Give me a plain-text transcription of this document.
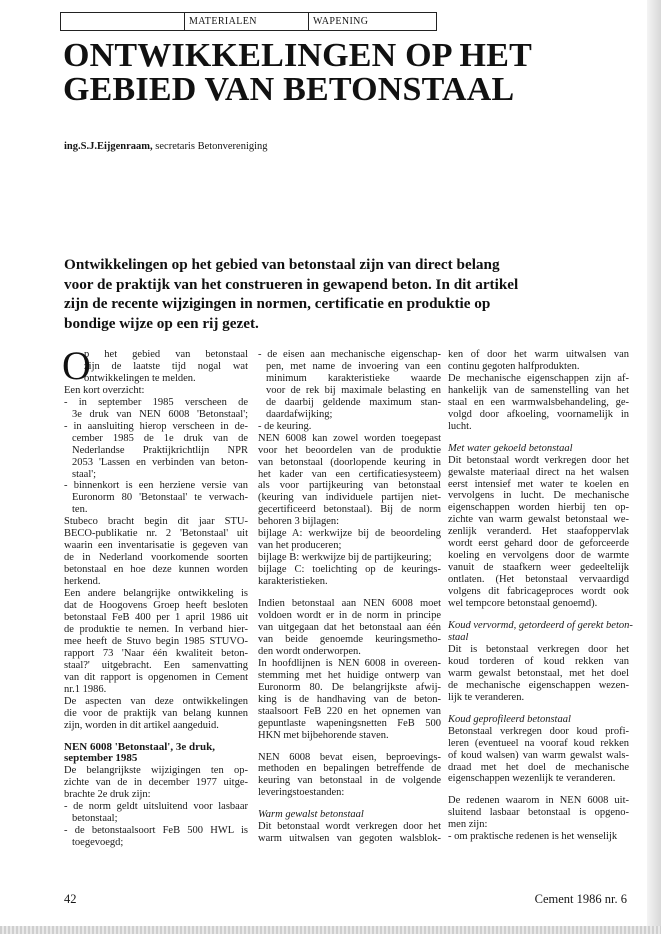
MATERIALEN	WAPENING
ONTWIKKELINGEN OP HET
GEBIED VAN BETONSTAAL
ing.S.J.Eijgenraam, secretaris Betonvereniging

Ontwikkelingen op het gebied van betonstaal zijn van direct belang
voor de praktijk van het construeren in gewapend beton. In dit artikel
zijn de recente wijzigingen in normen, certificatie en produktie op
bondige wijze op een rij gezet.

O
p het gebied van betonstaal
zijn de laatste tijd nogal wat
ontwikkelingen te melden.
Een kort overzicht:
- in september 1985 verscheen de
3e druk van NEN 6008 'Betonstaal';
- in aansluiting hierop verscheen in de-
cember 1985 de 1e druk van de
Nederlandse Praktijkrichtlijn NPR
2053 'Lassen en verbinden van beton-
staal';
- binnenkort is een herziene versie van
Euronorm 80 'Betonstaal' te verwach-
ten.
Stubeco bracht begin dit jaar STU-
BECO-publikatie nr. 2 'Betonstaal' uit
waarin een inventarisatie is gegeven van
de in Nederland voorkomende soorten
betonstaal en hoe deze kunnen worden
herkend.
Een andere belangrijke ontwikkeling is
dat de Hoogovens Groep heeft besloten
betonstaal FeB 400 per 1 april 1986 uit
de produktie te nemen. In verband hier-
mee heeft de Stuvo begin 1985 STUVO-
rapport 73 'Naar één kwaliteit beton-
staal?' uitgebracht. Een samenvatting
van dit rapport is opgenomen in Cement
nr.1 1986.
De aspecten van deze ontwikkelingen
die voor de praktijk van belang kunnen
zijn, worden in dit artikel aangeduid.
NEN 6008 'Betonstaal', 3e druk,
september 1985
De belangrijkste wijzigingen ten op-
zichte van de in december 1977 uitge-
brachte 2e druk zijn:
- de norm geldt uitsluitend voor lasbaar
betonstaal;
- de betonstaalsoort FeB 500 HWL is
toegevoegd;
- de eisen aan mechanische eigenschap-
pen, met name de invoering van een
minimum karakteristieke waarde
voor de rek bij maximale belasting en
de daarbij geldende maximum stan-
daardafwijking;
- de keuring.
NEN 6008 kan zowel worden toegepast
voor het beoordelen van de produktie
van betonstaal (doorlopende keuring in
het kader van een certificatiesysteem)
als voor partijkeuring van betonstaal
(keuring van individuele partijen niet-
gecertificeerd betonstaal). Bij de norm
behoren 3 bijlagen:
bijlage A: werkwijze bij de beoordeling
van het produceren;
bijlage B: werkwijze bij de partijkeuring;
bijlage C: toelichting op de keurings-
karakteristieken.
Indien betonstaal aan NEN 6008 moet
voldoen wordt er in de norm in principe
van uitgegaan dat het betonstaal aan één
van beide genoemde keuringsmetho-
den wordt onderworpen.
In hoofdlijnen is NEN 6008 in overeen-
stemming met het huidige ontwerp van
Euronorm 80. De belangrijkste afwij-
king is de handhaving van de beton-
staalsoort FeB 220 en het opnemen van
gepuntlaste wapeningsnetten FeB 500
HKN met bijbehorende staven.
NEN 6008 bevat eisen, beproevings-
methoden en bepalingen betreffende de
keuring van betonstaal in de volgende
leveringstoestanden:
Warm gewalst betonstaal
Dit betonstaal wordt verkregen door het
warm uitwalsen van gegoten walsblok-
ken of door het warm uitwalsen van
continu gegoten halfprodukten.
De mechanische eigenschappen zijn af-
hankelijk van de samenstelling van het
staal en een warmwalsbehandeling, ge-
volgd door afkoeling, voornamelijk in
lucht.
Met water gekoeld betonstaal
Dit betonstaal wordt verkregen door het
gewalste materiaal direct na het walsen
eerst intensief met water te koelen en
vervolgens in lucht. De mechanische
eigenschappen worden hierbij ten op-
zichte van warm gewalst betonstaal we-
zenlijk veranderd. Het staafoppervlak
wordt eerst gehard door de geforceerde
koeling en vervolgens door de warmte
vanuit de staafkern weer gedeeltelijk
ontlaten. (Het betonstaal vervaardigd
volgens dit fabricageproces wordt ook
wel tempcore betonstaal genoemd).
Koud vervormd, getordeerd of gerekt beton-
staal
Dit is betonstaal verkregen door het
koud torderen of koud rekken van
warm gewalst betonstaal, met het doel
de mechanische eigenschappen wezen-
lijk te veranderen.
Koud geprofileerd betonstaal
Betonstaal verkregen door koud profi-
leren (eventueel na vooraf koud rekken
of koud walsen) van warm gewalst wals-
draad met het doel de mechanische
eigenschappen wezenlijk te veranderen.
De redenen waarom in NEN 6008 uit-
sluitend lasbaar betonstaal is opgeno-
men zijn:
- om praktische redenen is het wenselijk
42	Cement 1986 nr. 6
